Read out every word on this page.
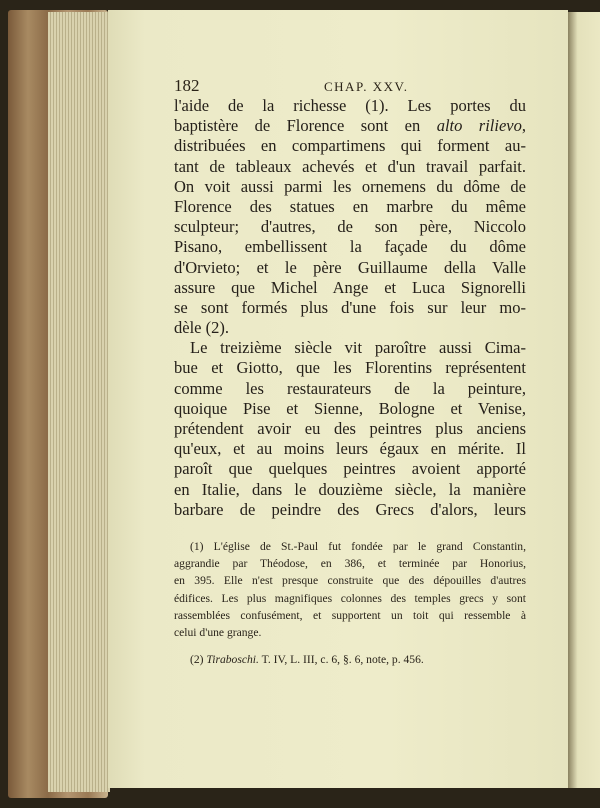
182	CHAP. XXV.
l'aide de la richesse (1). Les portes du
baptistère de Florence sont en alto rilievo,
distribuées en compartimens qui forment au-
tant de tableaux achevés et d'un travail parfait.
On voit aussi parmi les ornemens du dôme de
Florence des statues en marbre du même
sculpteur; d'autres, de son père, Niccolo
Pisano, embellissent la façade du dôme
d'Orvieto; et le père Guillaume della Valle
assure que Michel Ange et Luca Signorelli
se sont formés plus d'une fois sur leur mo-
dèle (2).
Le treizième siècle vit paroître aussi Cima-
bue et Giotto, que les Florentins représentent
comme les restaurateurs de la peinture,
quoique Pise et Sienne, Bologne et Venise,
prétendent avoir eu des peintres plus anciens
qu'eux, et au moins leurs égaux en mérite. Il
paroît que quelques peintres avoient apporté
en Italie, dans le douzième siècle, la manière
barbare de peindre des Grecs d'alors, leurs
(1) L'église de St.-Paul fut fondée par le grand Constantin,
aggrandie par Théodose, en 386, et terminée par Honorius,
en 395. Elle n'est presque construite que des dépouilles d'autres
édifices. Les plus magnifiques colonnes des temples grecs y sont
rassemblées confusément, et supportent un toit qui ressemble à
celui d'une grange.
(2) Tiraboschi. T. IV, L. III, c. 6, §. 6, note, p. 456.
